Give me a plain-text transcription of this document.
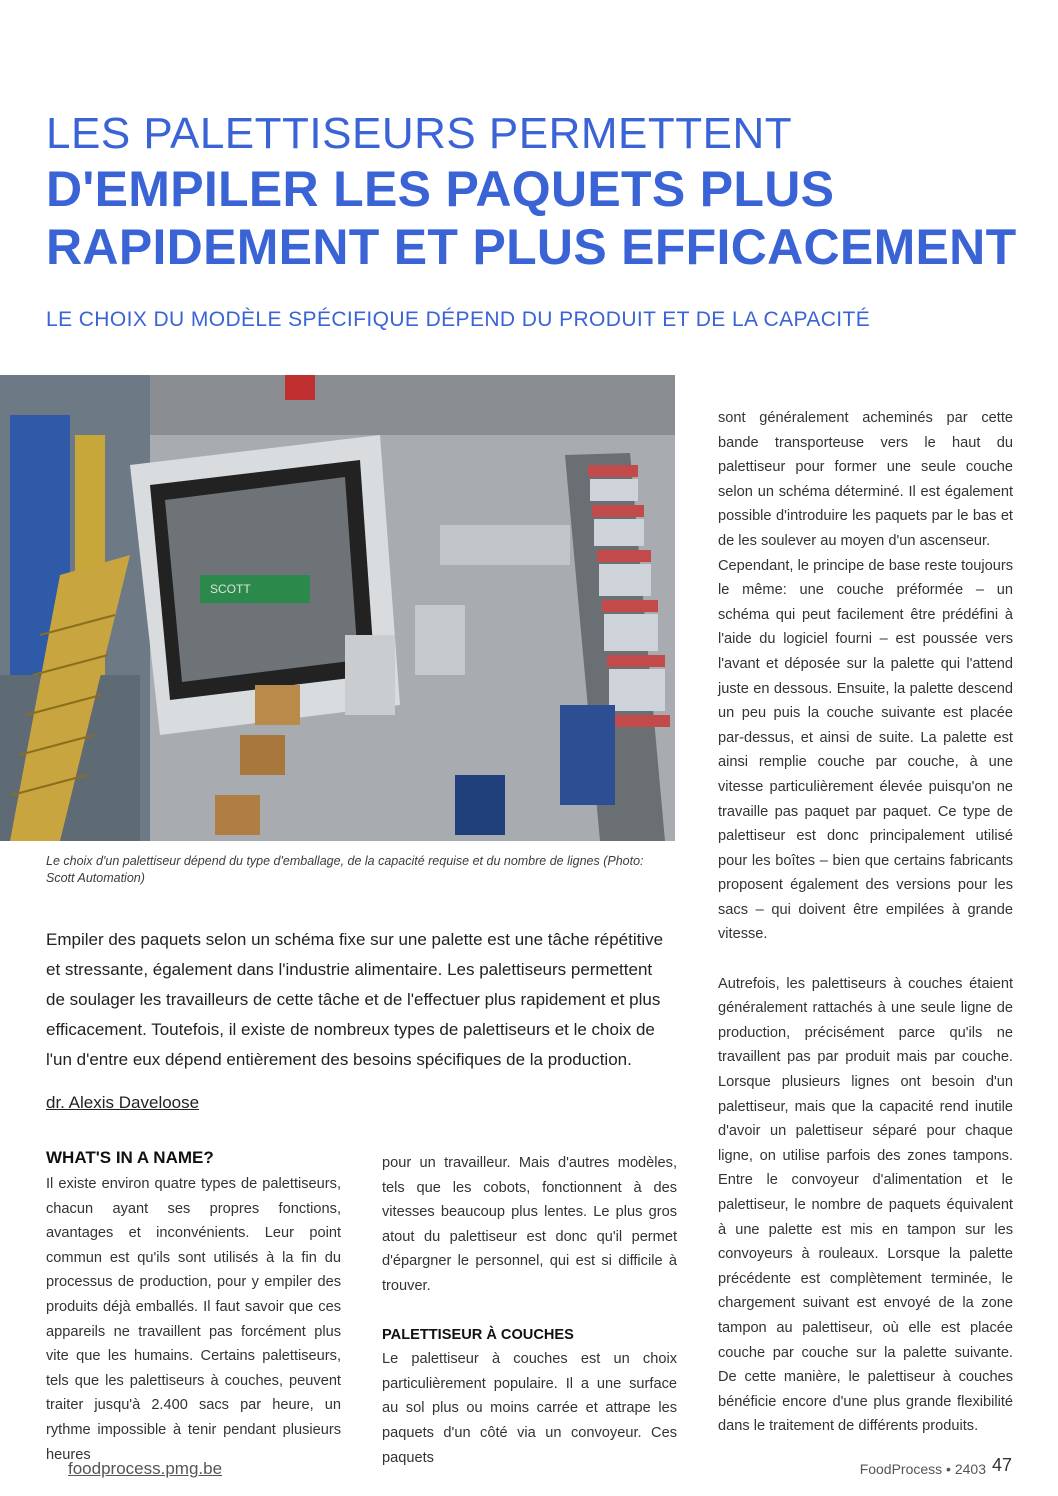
LES PALETTISEURS PERMETTENT
D'EMPILER LES PAQUETS PLUS
RAPIDEMENT ET PLUS EFFICACEMENT
LE CHOIX DU MODÈLE SPÉCIFIQUE DÉPEND DU PRODUIT ET DE LA CAPACITÉ
SCOTT

Le choix d'un palettiseur dépend du type d'emballage, de la capacité requise et du nombre de lignes (Photo: Scott Automation)

Empiler des paquets selon un schéma fixe sur une palette est une tâche répétitive et stressante, également dans l'industrie alimentaire. Les palettiseurs permettent de soulager les travailleurs de cette tâche et de l'effectuer plus rapidement et plus efficacement. Toutefois, il existe de nombreux types de palettiseurs et le choix de l'un d'entre eux dépend entièrement des besoins spécifiques de la production.

dr. Alexis Daveloose

WHAT'S IN A NAME?

Il existe environ quatre types de palettiseurs, chacun ayant ses propres fonctions, avantages et inconvénients. Leur point commun est qu'ils sont utilisés à la fin du processus de production, pour y empiler des produits déjà emballés. Il faut savoir que ces appareils ne travaillent pas forcément plus vite que les humains. Certains palettiseurs, tels que les palettiseurs à couches, peuvent traiter jusqu'à 2.400 sacs par heure, un rythme impossible à tenir pendant plusieurs heures

pour un travailleur. Mais d'autres modèles, tels que les cobots, fonctionnent à des vitesses beaucoup plus lentes. Le plus gros atout du palettiseur est donc qu'il permet d'épargner le personnel, qui est si difficile à trouver.

PALETTISEUR À COUCHES

Le palettiseur à couches est un choix particulièrement populaire. Il a une surface au sol plus ou moins carrée et attrape les paquets d'un côté via un convoyeur. Ces paquets

sont généralement acheminés par cette bande transporteuse vers le haut du palettiseur pour former une seule couche selon un schéma déterminé. Il est également possible d'introduire les paquets par le bas et de les soulever au moyen d'un ascenseur.

Cependant, le principe de base reste toujours le même: une couche préformée – un schéma qui peut facilement être prédéfini à l'aide du logiciel fourni – est poussée vers l'avant et déposée sur la palette qui l'attend juste en dessous. Ensuite, la palette descend un peu puis la couche suivante est placée par-dessus, et ainsi de suite. La palette est ainsi remplie couche par couche, à une vitesse particulièrement élevée puisqu'on ne travaille pas paquet par paquet. Ce type de palettiseur est donc principalement utilisé pour les boîtes – bien que certains fabricants proposent également des versions pour les sacs – qui doivent être empilées à grande vitesse.

Autrefois, les palettiseurs à couches étaient généralement rattachés à une seule ligne de production, précisément parce qu'ils ne travaillent pas par produit mais par couche. Lorsque plusieurs lignes ont besoin d'un palettiseur, mais que la capacité rend inutile d'avoir un palettiseur séparé pour chaque ligne, on utilise parfois des zones tampons. Entre le convoyeur d'alimentation et le palettiseur, le nombre de paquets équivalent à une palette est mis en tampon sur les convoyeurs à rouleaux. Lorsque la palette précédente est complètement terminée, le chargement suivant est envoyé de la zone tampon au palettiseur, où elle est placée couche par couche sur la palette suivante. De cette manière, le palettiseur à couches bénéficie encore d'une plus grande flexibilité dans le traitement de différents produits.

foodprocess.pmg.be	FoodProcess • 2403 47
